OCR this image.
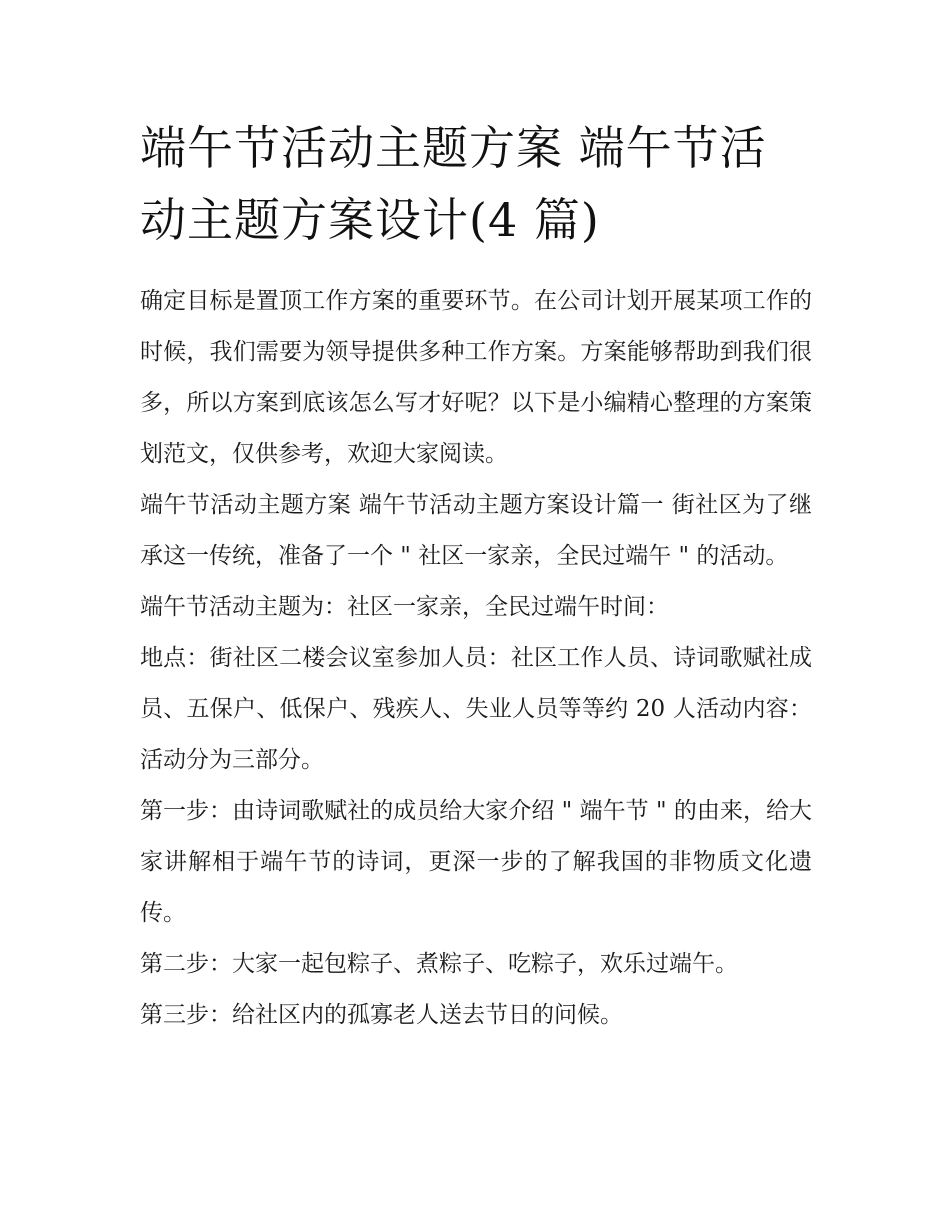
端午节活动主题方案 端午节活动主题方案设计(4 篇)

确定目标是置顶工作方案的重要环节。在公司计划开展某项工作的时候，我们需要为领导提供多种工作方案。方案能够帮助到我们很多，所以方案到底该怎么写才好呢？以下是小编精心整理的方案策划范文，仅供参考，欢迎大家阅读。

端午节活动主题方案 端午节活动主题方案设计篇一 街社区为了继承这一传统，准备了一个 " 社区一家亲，全民过端午 " 的活动。

端午节活动主题为：社区一家亲，全民过端午时间：

地点：街社区二楼会议室参加人员：社区工作人员、诗词歌赋社成员、五保户、低保户、残疾人、失业人员等等约 20 人活动内容：活动分为三部分。

第一步：由诗词歌赋社的成员给大家介绍 " 端午节 " 的由来，给大家讲解相于端午节的诗词，更深一步的了解我国的非物质文化遗传。

第二步：大家一起包粽子、煮粽子、吃粽子，欢乐过端午。

第三步：给社区内的孤寡老人送去节日的问候。
